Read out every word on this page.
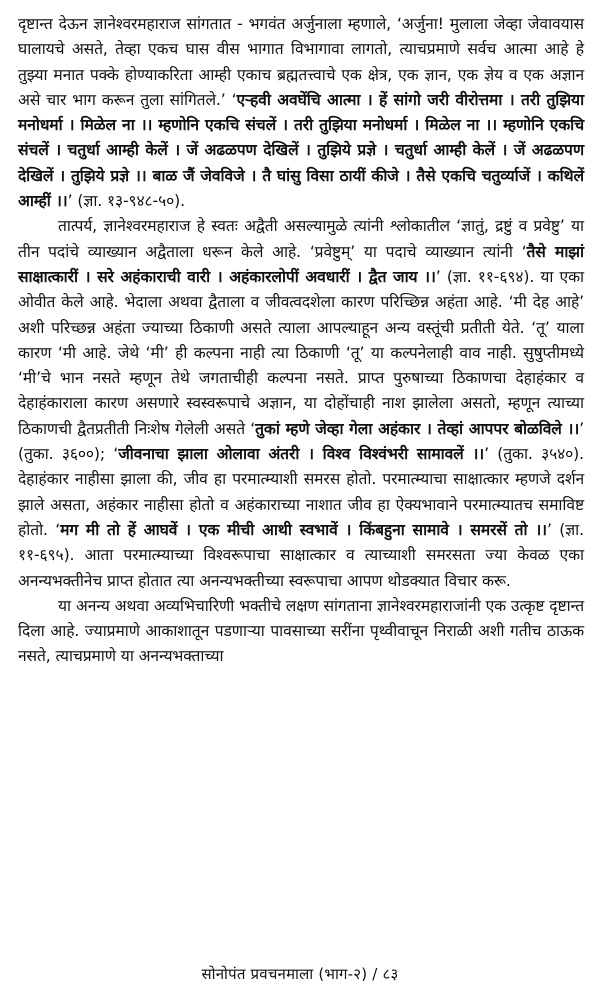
दृष्टान्त देऊन ज्ञानेश्वरमहाराज सांगतात - भगवंत अर्जुनाला म्हणाले, ‘अर्जुना! मुलाला जेव्हा जेवावयास घालायचे असते, तेव्हा एकच घास वीस भागात विभागावा लागतो, त्याचप्रमाणे सर्वच आत्मा आहे हे तुझ्या मनात पक्के होण्याकरिता आम्ही एकाच ब्रह्मतत्त्वाचे एक क्षेत्र, एक ज्ञान, एक ज्ञेय व एक अज्ञान असे चार भाग करून तुला सांगितले.’ ‘एऱ्हवी अवघेंचि आत्मा । हें सांगो जरी वीरोत्तमा । तरी तुझिया मनोधर्मा । मिळेल ना ।। म्हणोनि एकचि संचलें । तरी तुझिया मनोधर्मा । मिळेल ना ।। म्हणोनि एकचि संचलें । चतुर्धा आम्ही केलें । जें अढळपण देखिलें । तुझिये प्रज्ञे । चतुर्धा आम्ही केलें । जें अढळपण देखिलें । तुझिये प्रज्ञे ।। बाळ जैं जेवविजे । तै घांसु विसा ठायीं कीजे । तैसे एकचि चतुर्व्याजें । कथिलें आम्हीं ।।’ (ज्ञा. १३-९४८-५०).

तात्पर्य, ज्ञानेश्वरमहाराज हे स्वतः अद्वैती असल्यामुळे त्यांनी श्लोकातील ‘ज्ञातुं, द्रष्टुं व प्रवेष्टु’ या तीन पदांचे व्याख्यान अद्वैताला धरून केले आहे. ‘प्रवेष्टुम्’ या पदाचे व्याख्यान त्यांनी ‘तैसे माझां साक्षात्कारीं । सरे अहंकाराची वारी । अहंकारलोपीं अवधारीं । द्वैत जाय ।।’ (ज्ञा. ११-६९४). या एका ओवीत केले आहे. भेदाला अथवा द्वैताला व जीवत्वदशेला कारण परिच्छिन्न अहंता आहे. ‘मी देह आहे’ अशी परिच्छन्न अहंता ज्याच्या ठिकाणी असते त्याला आपल्याहून अन्य वस्तूंची प्रतीती येते. ‘तू’ याला कारण ‘मी आहे. जेथे ‘मी’ ही कल्पना नाही त्या ठिकाणी ‘तू’ या कल्पनेलाही वाव नाही. सुषुप्तीमध्ये ‘मी’चे भान नसते म्हणून तेथे जगताचीही कल्पना नसते. प्राप्त पुरुषाच्या ठिकाणचा देहाहंकार व देहाहंकाराला कारण असणारे स्वस्वरूपाचे अज्ञान, या दोहोंचाही नाश झालेला असतो, म्हणून त्याच्या ठिकाणची द्वैतप्रतीती निःशेष गेलेली असते ‘तुकां म्हणे जेव्हा गेला अहंकार । तेव्हां आपपर बोळविले ।।’ (तुका. ३६००); ‘जीवनाचा झाला ओलावा अंतरी । विश्व विश्वंभरी सामावलें ।।’ (तुका. ३५४०). देहाहंकार नाहीसा झाला की, जीव हा परमात्म्याशी समरस होतो. परमात्म्याचा साक्षात्कार म्हणजे दर्शन झाले असता, अहंकार नाहीसा होतो व अहंकाराच्या नाशात जीव हा ऐक्यभावाने परमात्म्यातच समाविष्ट होतो. ‘मग मी तो हें आघवें । एक मीची आथी स्वभावें । किंबहुना सामावे । समरसें तो ।।’ (ज्ञा. ११-६९५). आता परमात्म्याच्या विश्वरूपाचा साक्षात्कार व त्याच्याशी समरसता ज्या केवळ एका अनन्यभक्तीनेच प्राप्त होतात त्या अनन्यभक्तीच्या स्वरूपाचा आपण थोडक्यात विचार करू.

या अनन्य अथवा अव्यभिचारिणी भक्तीचे लक्षण सांगताना ज्ञानेश्वरमहाराजांनी एक उत्कृष्ट दृष्टान्त दिला आहे. ज्याप्रमाणे आकाशातून पडणाऱ्या पावसाच्या सरींना पृथ्वीवाचून निराळी अशी गतीच ठाऊक नसते, त्याचप्रमाणे या अनन्यभक्ताच्या

सोनोपंत प्रवचनमाला (भाग-२) / ८३
